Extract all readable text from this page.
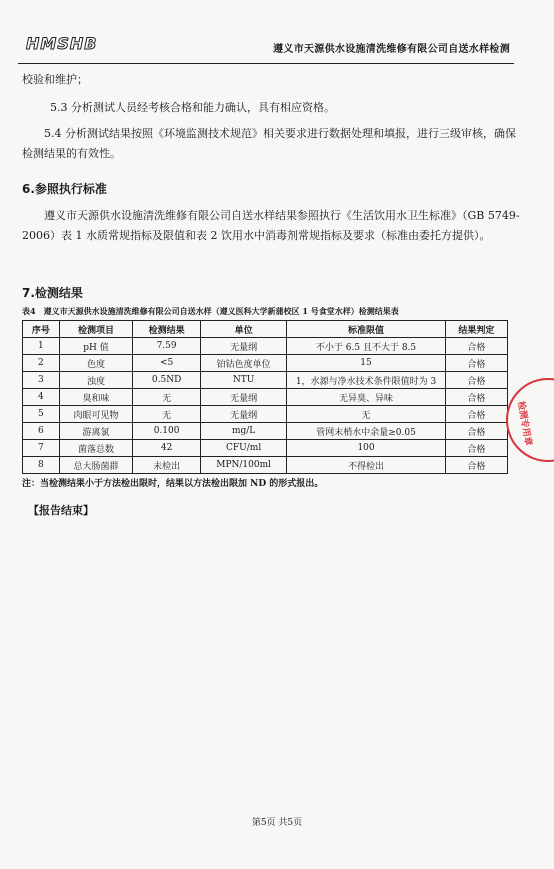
HMSHB	遵义市天源供水设施清洗维修有限公司自送水样检测
校验和维护；
5.3 分析测试人员经考核合格和能力确认，具有相应资格。
5.4 分析测试结果按照《环境监测技术规范》相关要求进行数据处理和填报，进行三级审核，确保检测结果的有效性。
6.参照执行标准
遵义市天源供水设施清洗维修有限公司自送水样结果参照执行《生活饮用水卫生标准》（GB 5749-2006）表 1 水质常规指标及限值和表 2 饮用水中消毒剂常规指标及要求（标准由委托方提供）。
7.检测结果
表4　遵义市天源供水设施清洗维修有限公司自送水样（遵义医科大学新蒲校区 1 号食堂水样）检测结果表
序号	检测项目	检测结果	单位	标准限值	结果判定
1	pH 值	7.59	无量纲	不小于 6.5 且不大于 8.5	合格
2	色度	<5	铂钴色度单位	15	合格
3	浊度	0.5ND	NTU	1，水源与净水技术条件限值时为 3	合格
4	臭和味	无	无量纲	无异臭、异味	合格
5	肉眼可见物	无	无量纲	无	合格
6	游离氯	0.100	mg/L	管网末梢水中余量≥0.05	合格
7	菌落总数	42	CFU/ml	100	合格
8	总大肠菌群	未检出	MPN/100ml	不得检出	合格
注：当检测结果小于方法检出限时，结果以方法检出限加 ND 的形式报出。
【报告结束】
检测专用章
第5页 共5页
